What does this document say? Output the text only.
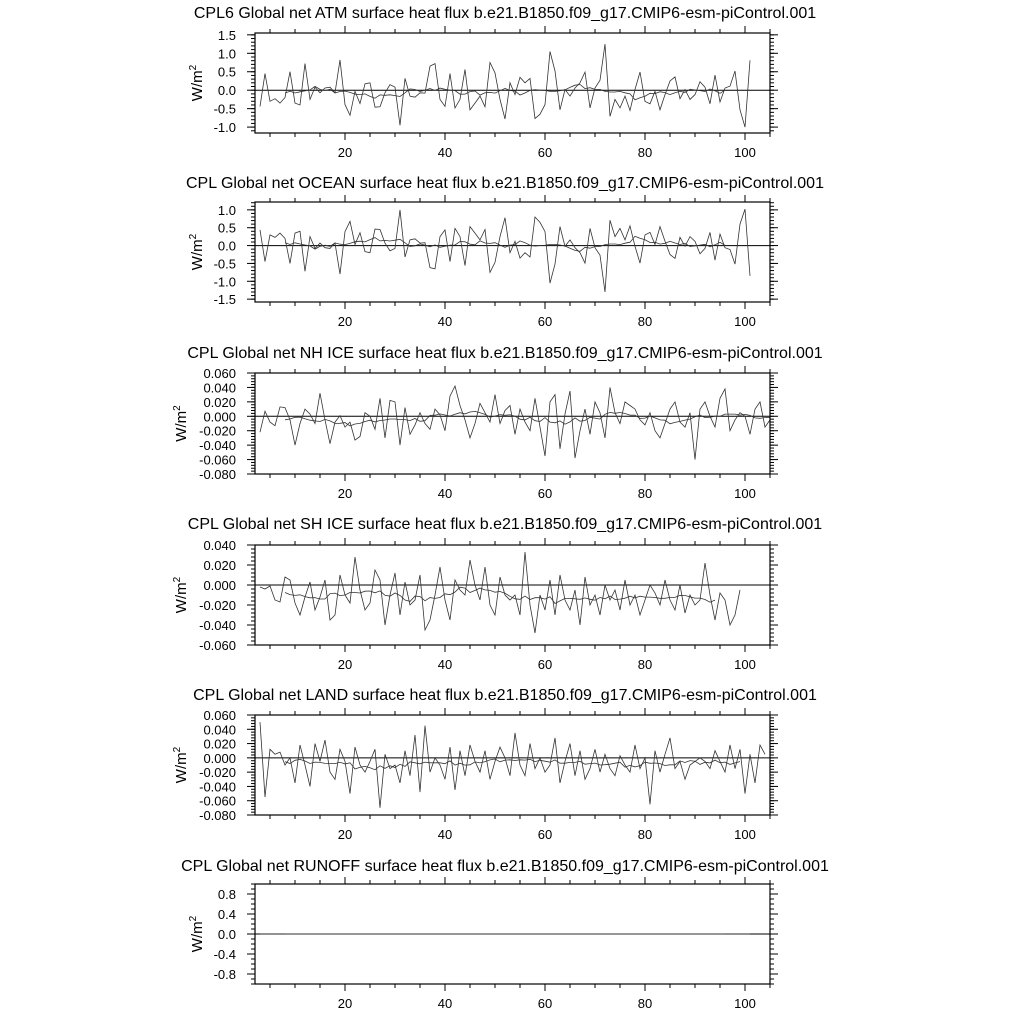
CPL6 Global net ATM surface heat flux b.e21.B1850.f09_g17.CMIP6-esm-piControl.001
$W/m^2$
20	40	60	80	100
1.5
1.0
0.5
0.0
-0.5
-1.0
CPL Global net OCEAN surface heat flux b.e21.B1850.f09_g17.CMIP6-esm-piControl.001
$W/m^2$
20	40	60	80	100
1.0
0.5
0.0
-0.5
-1.0
-1.5
CPL Global net NH ICE surface heat flux b.e21.B1850.f09_g17.CMIP6-esm-piControl.001
$W/m^2$
20	40	60	80	100
0.060
0.040
0.020
0.000
-0.020
-0.040
-0.060
-0.080
CPL Global net SH ICE surface heat flux b.e21.B1850.f09_g17.CMIP6-esm-piControl.001
$W/m^2$
20	40	60	80	100
0.040
0.020
0.000
-0.020
-0.040
-0.060
CPL Global net LAND surface heat flux b.e21.B1850.f09_g17.CMIP6-esm-piControl.001
$W/m^2$
20	40	60	80	100
0.060
0.040
0.020
0.000
-0.020
-0.040
-0.060
-0.080
CPL Global net RUNOFF surface heat flux b.e21.B1850.f09_g17.CMIP6-esm-piControl.001
$W/m^2$
20	40	60	80	100
0.8
0.4
0.0
-0.4
-0.8
